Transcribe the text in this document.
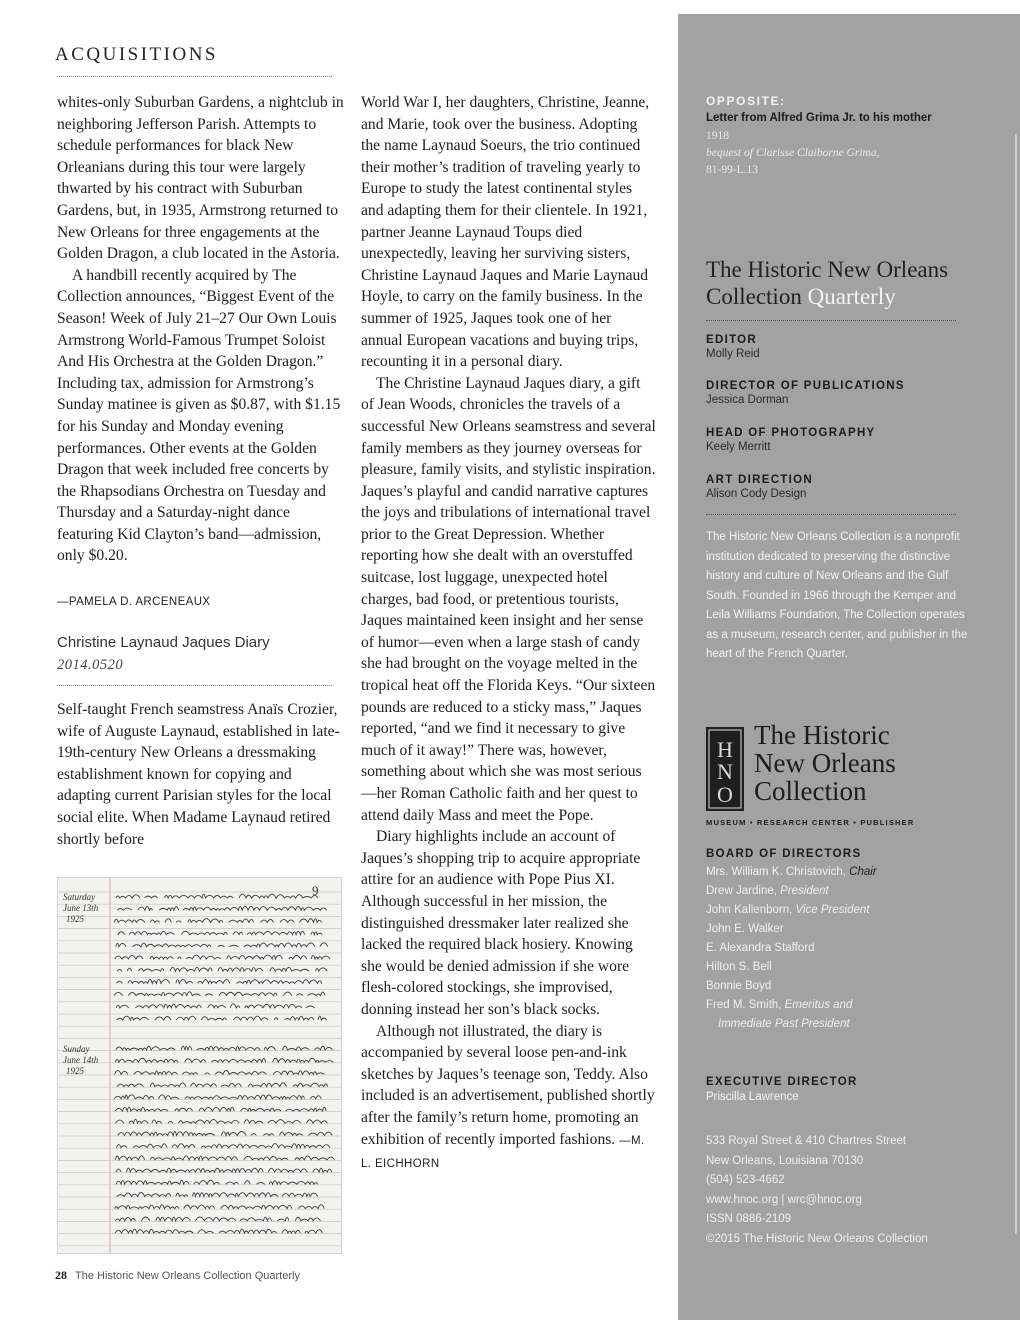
ACQUISITIONS

whites-only Suburban Gardens, a nightclub in neighboring Jefferson Parish. Attempts to schedule performances for black New Orleanians during this tour were largely thwarted by his contract with Suburban Gardens, but, in 1935, Armstrong returned to New Orleans for three engagements at the Golden Dragon, a club located in the Astoria.

A handbill recently acquired by The Collection announces, “Biggest Event of the Season! Week of July 21–27 Our Own Louis Armstrong World-Famous Trumpet Soloist And His Orchestra at the Golden Dragon.” Including tax, admission for Armstrong’s Sunday matinee is given as $0.87, with $1.15 for his Sunday and Monday evening performances. Other events at the Golden Dragon that week included free concerts by the Rhapsodians Orchestra on Tuesday and Thursday and a Saturday-night dance featuring Kid Clayton’s band—admission, only $0.20.

—PAMELA D. ARCENEAUX
Christine Laynaud Jaques Diary
2014.0520

Self-taught French seamstress Anaïs Crozier, wife of Auguste Laynaud, established in late-19th-century New Orleans a dressmaking establishment known for copying and adapting current Parisian styles for the local social elite. When Madame Laynaud retired shortly before

9
Saturday
June 13th
1925
Sunday
June 14th
1925

World War I, her daughters, Christine, Jeanne, and Marie, took over the business. Adopting the name Laynaud Soeurs, the trio continued their mother’s tradition of traveling yearly to Europe to study the latest continental styles and adapting them for their clientele. In 1921, partner Jeanne Laynaud Toups died unexpectedly, leaving her surviving sisters, Christine Laynaud Jaques and Marie Laynaud Hoyle, to carry on the family business. In the summer of 1925, Jaques took one of her annual European vacations and buying trips, recounting it in a personal diary.

The Christine Laynaud Jaques diary, a gift of Jean Woods, chronicles the travels of a successful New Orleans seamstress and several family members as they journey overseas for pleasure, family visits, and stylistic inspiration. Jaques’s playful and candid narrative captures the joys and tribulations of international travel prior to the Great Depression. Whether reporting how she dealt with an overstuffed suitcase, lost luggage, unexpected hotel charges, bad food, or pretentious tourists, Jaques maintained keen insight and her sense of humor—even when a large stash of candy she had brought on the voyage melted in the tropical heat off the Florida Keys. “Our sixteen pounds are reduced to a sticky mass,” Jaques reported, “and we find it necessary to give much of it away!” There was, however, something about which she was most serious—her Roman Catholic faith and her quest to attend daily Mass and meet the Pope.

Diary highlights include an account of Jaques’s shopping trip to acquire appropriate attire for an audience with Pope Pius XI. Although successful in her mission, the distinguished dressmaker later realized she lacked the required black hosiery. Knowing she would be denied admission if she wore flesh-colored stockings, she improvised, donning instead her son’s black socks.

Although not illustrated, the diary is accompanied by several loose pen-and-ink sketches by Jaques’s teenage son, Teddy. Also included is an advertisement, published shortly after the family’s return home, promoting an exhibition of recently imported fashions. —M. L. EICHHORN

28 The Historic New Orleans Collection Quarterly
OPPOSITE:
Letter from Alfred Grima Jr. to his mother
1918
bequest of Clarisse Claiborne Grima,
81-99-L.13
The Historic New Orleans
Collection Quarterly
EDITOR
Molly Reid
DIRECTOR OF PUBLICATIONS
Jessica Dorman
HEAD OF PHOTOGRAPHY
Keely Merritt
ART DIRECTION
Alison Cody Design
The Historic New Orleans Collection is a nonprofit institution dedicated to preserving the distinctive history and culture of New Orleans and the Gulf South. Founded in 1966 through the Kemper and Leila Williams Foundation, The Collection operates as a museum, research center, and publisher in the heart of the French Quarter.
H
N
O
The Historic
New Orleans
Collection
MUSEUM • RESEARCH CENTER • PUBLISHER
BOARD OF DIRECTORS
Mrs. William K. Christovich, Chair
Drew Jardine, President
John Kallenborn, Vice President
John E. Walker
E. Alexandra Stafford
Hilton S. Bell
Bonnie Boyd
Fred M. Smith, Emeritus and
Immediate Past President
EXECUTIVE DIRECTOR
Priscilla Lawrence
533 Royal Street & 410 Chartres Street
New Orleans, Louisiana 70130
(504) 523-4662
www.hnoc.org | wrc@hnoc.org
ISSN 0886-2109
©2015 The Historic New Orleans Collection
